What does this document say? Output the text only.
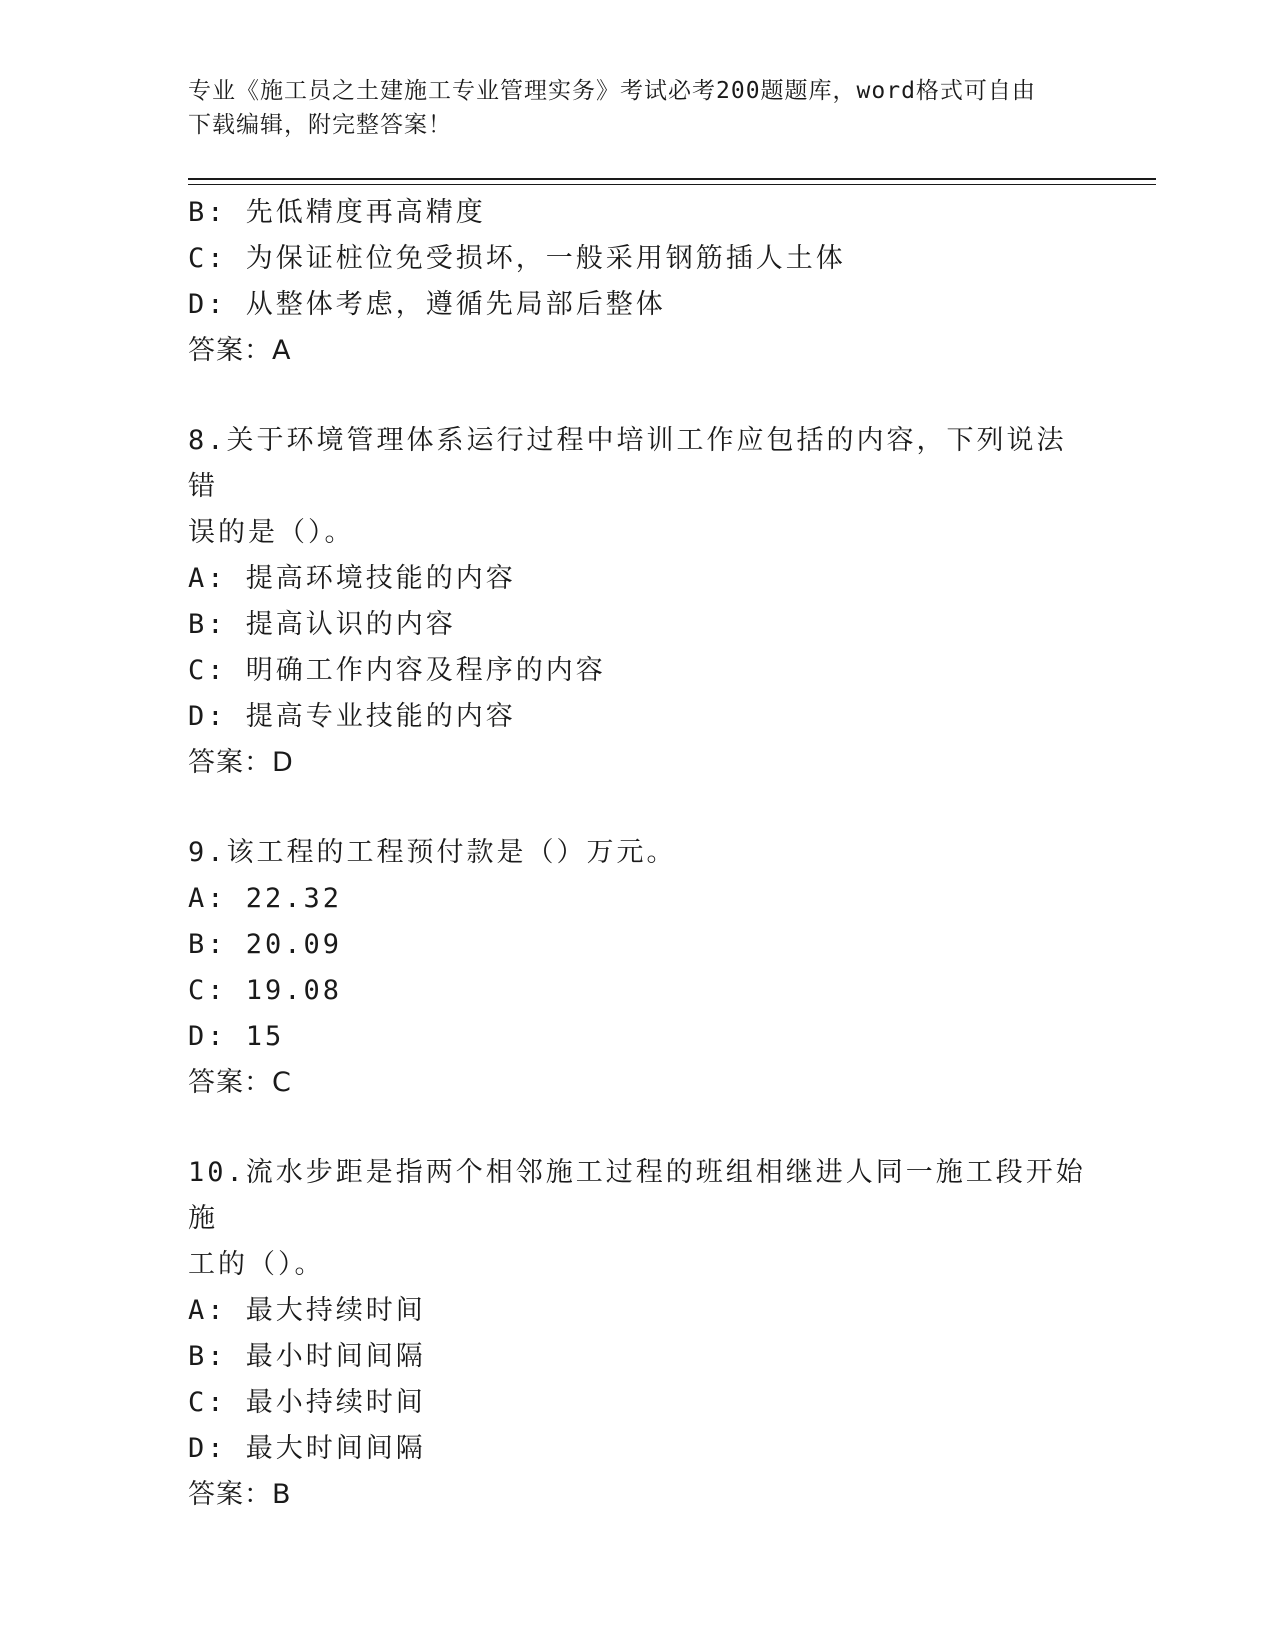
专业《施工员之土建施工专业管理实务》考试必考200题题库，word格式可自由
下载编辑，附完整答案！
B: 先低精度再高精度
C: 为保证桩位免受损坏，一般采用钢筋插人土体
D: 从整体考虑，遵循先局部后整体
答案：A
8.关于环境管理体系运行过程中培训工作应包括的内容，下列说法错
误的是（）。
A: 提高环境技能的内容
B: 提高认识的内容
C: 明确工作内容及程序的内容
D: 提高专业技能的内容
答案：D
9.该工程的工程预付款是（）万元。
A: 22.32
B: 20.09
C: 19.08
D: 15
答案：C
10.流水步距是指两个相邻施工过程的班组相继进人同一施工段开始施
工的（）。
A: 最大持续时间
B: 最小时间间隔
C: 最小持续时间
D: 最大时间间隔
答案：B
